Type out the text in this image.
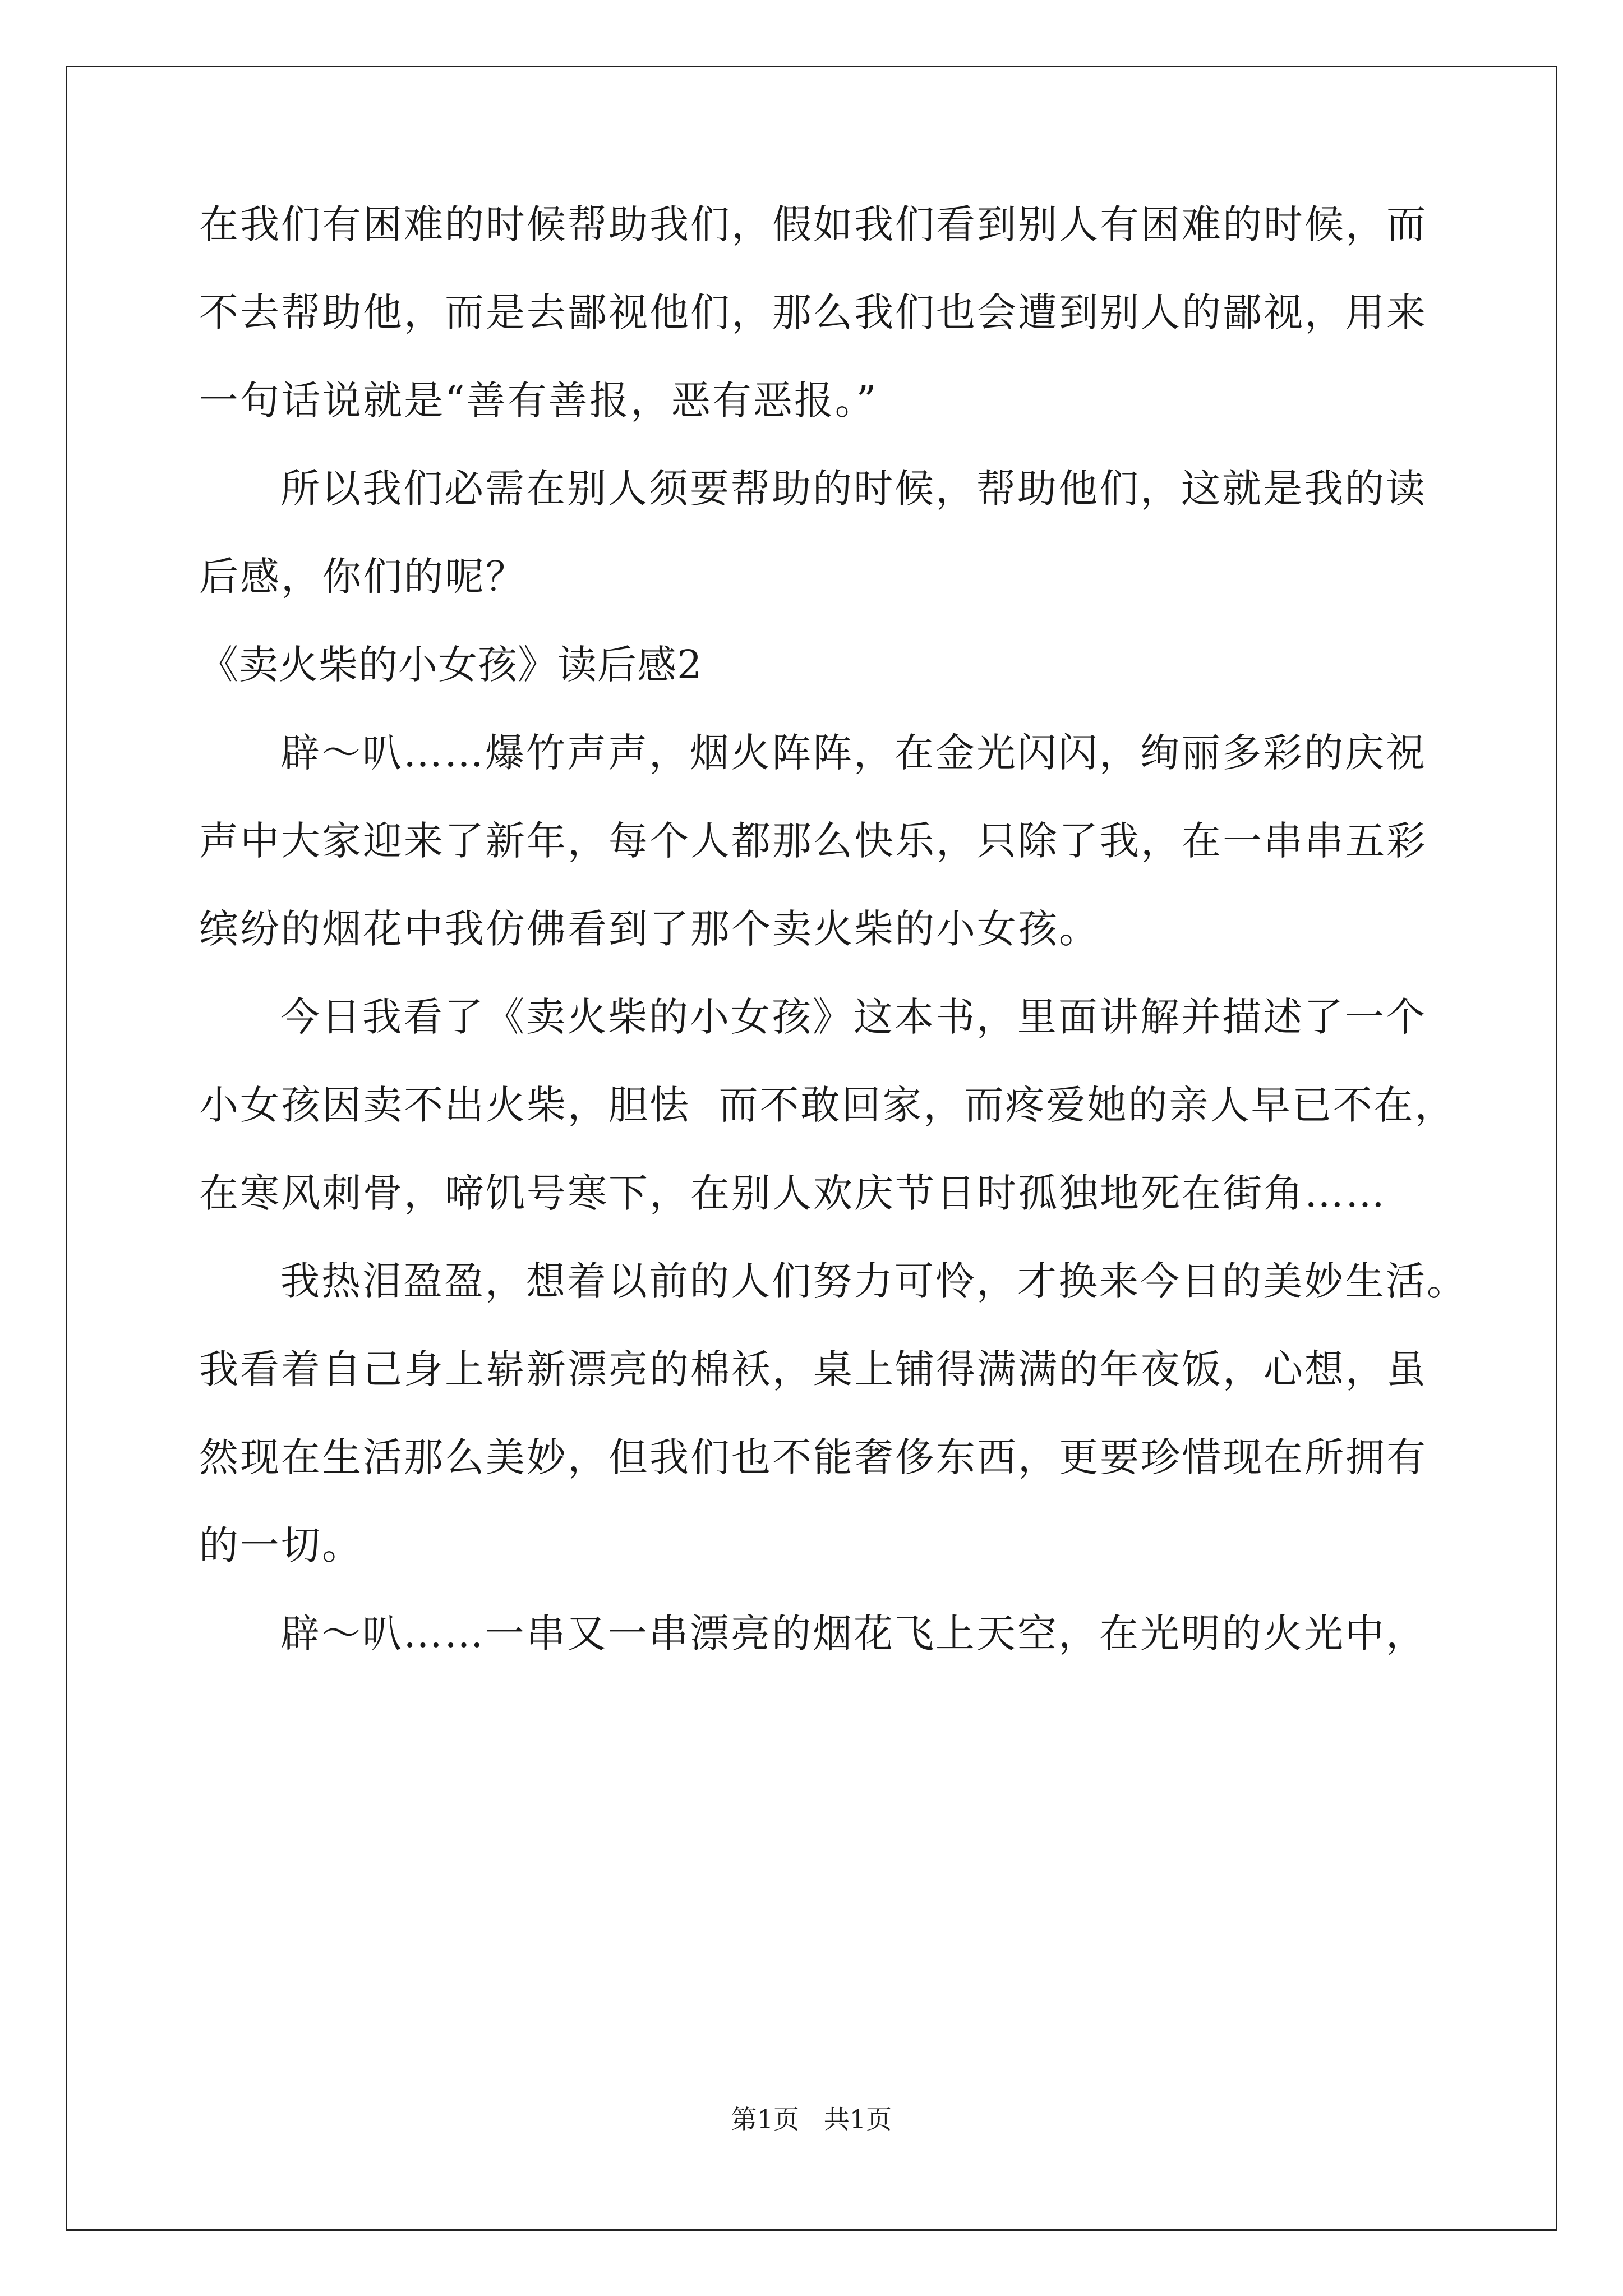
在我们有困难的时候帮助我们，假如我们看到别人有困难的时候，而
不去帮助他，而是去鄙视他们，那么我们也会遭到别人的鄙视，用来
一句话说就是“善有善报，恶有恶报。”
所以我们必需在别人须要帮助的时候，帮助他们，这就是我的读
后感，你们的呢？
《卖火柴的小女孩》读后感2
辟～叭……爆竹声声，烟火阵阵，在金光闪闪，绚丽多彩的庆祝
声中大家迎来了新年，每个人都那么快乐，只除了我，在一串串五彩
缤纷的烟花中我仿佛看到了那个卖火柴的小女孩。
今日我看了《卖火柴的小女孩》这本书，里面讲解并描述了一个
小女孩因卖不出火柴，胆怯  而不敢回家，而疼爱她的亲人早已不在，
在寒风刺骨，啼饥号寒下，在别人欢庆节日时孤独地死在街角……
我热泪盈盈，想着以前的人们努力可怜，才换来今日的美妙生活。
我看着自己身上崭新漂亮的棉袄，桌上铺得满满的年夜饭，心想，虽
然现在生活那么美妙，但我们也不能奢侈东西，更要珍惜现在所拥有
的一切。
辟～叭……一串又一串漂亮的烟花飞上天空，在光明的火光中，
第1页   共1页
